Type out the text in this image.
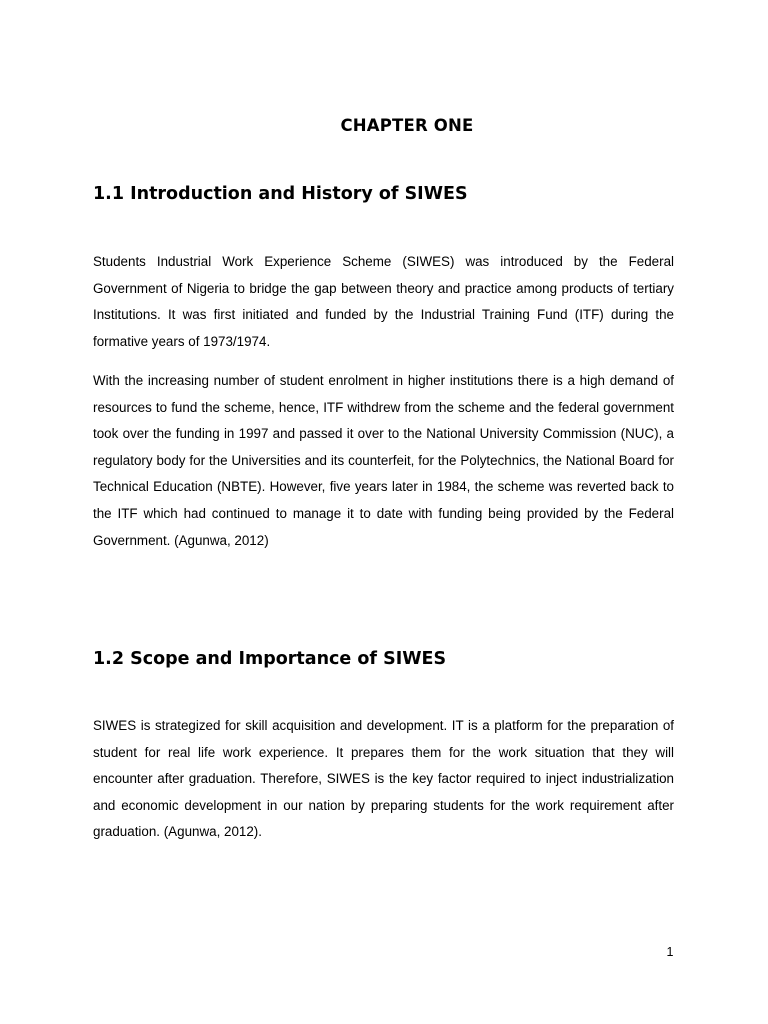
CHAPTER ONE
1.1 Introduction and History of SIWES

Students Industrial Work Experience Scheme (SIWES) was introduced by the Federal Government of Nigeria to bridge the gap between theory and practice among products of tertiary Institutions. It was first initiated and funded by the Industrial Training Fund (ITF) during the formative years of 1973/1974.

With the increasing number of student enrolment in higher institutions there is a high demand of resources to fund the scheme, hence, ITF withdrew from the scheme and the federal government took over the funding in 1997 and passed it over to the National University Commission (NUC), a regulatory body for the Universities and its counterfeit, for the Polytechnics, the National Board for Technical Education (NBTE). However, five years later in 1984, the scheme was reverted back to the ITF which had continued to manage it to date with funding being provided by the Federal Government. (Agunwa, 2012)

1.2 Scope and Importance of SIWES

SIWES is strategized for skill acquisition and development. IT is a platform for the preparation of student for real life work experience. It prepares them for the work situation that they will encounter after graduation. Therefore, SIWES is the key factor required to inject industrialization and economic development in our nation by preparing students for the work requirement after graduation. (Agunwa, 2012).

1
